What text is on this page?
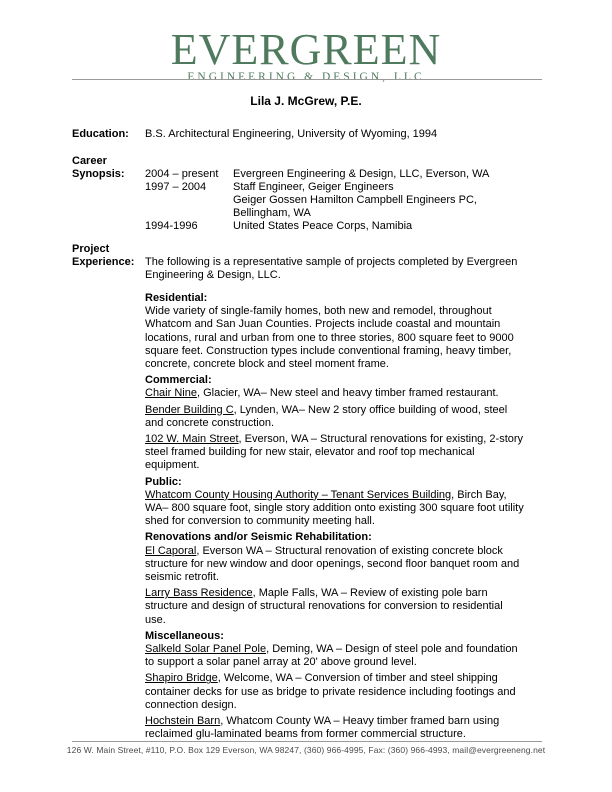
EVERGREEN
ENGINEERING & DESIGN, LLC
Lila J. McGrew, P.E.
Education: B.S. Architectural Engineering, University of Wyoming, 1994
Career
Synopsis: 2004 – present Evergreen Engineering & Design, LLC, Everson, WA
1997 – 2004 Staff Engineer, Geiger Engineers
Geiger Gossen Hamilton Campbell Engineers PC,
Bellingham, WA
1994-1996	United States Peace Corps, Namibia
Project
Experience: The following is a representative sample of projects completed by Evergreen Engineering & Design, LLC.

Residential:

Wide variety of single-family homes, both new and remodel, throughout Whatcom and San Juan Counties. Projects include coastal and mountain locations, rural and urban from one to three stories, 800 square feet to 9000 square feet. Construction types include conventional framing, heavy timber, concrete, concrete block and steel moment frame.

Commercial:

Chair Nine, Glacier, WA– New steel and heavy timber framed restaurant.

Bender Building C, Lynden, WA– New 2 story office building of wood, steel and concrete construction.

102 W. Main Street, Everson, WA – Structural renovations for existing, 2-story steel framed building for new stair, elevator and roof top mechanical equipment.

Public:

Whatcom County Housing Authority – Tenant Services Building, Birch Bay, WA– 800 square foot, single story addition onto existing 300 square foot utility shed for conversion to community meeting hall.

Renovations and/or Seismic Rehabilitation:

El Caporal, Everson WA – Structural renovation of existing concrete block structure for new window and door openings, second floor banquet room and seismic retrofit.

Larry Bass Residence, Maple Falls, WA – Review of existing pole barn structure and design of structural renovations for conversion to residential use.

Miscellaneous:

Salkeld Solar Panel Pole, Deming, WA – Design of steel pole and foundation to support a solar panel array at 20' above ground level.

Shapiro Bridge, Welcome, WA – Conversion of timber and steel shipping container decks for use as bridge to private residence including footings and connection design.

Hochstein Barn, Whatcom County WA – Heavy timber framed barn using reclaimed glu-laminated beams from former commercial structure.

126 W. Main Street, #110, P.O. Box 129 Everson, WA 98247, (360) 966-4995, Fax: (360) 966-4993, mail@evergreeneng.net
